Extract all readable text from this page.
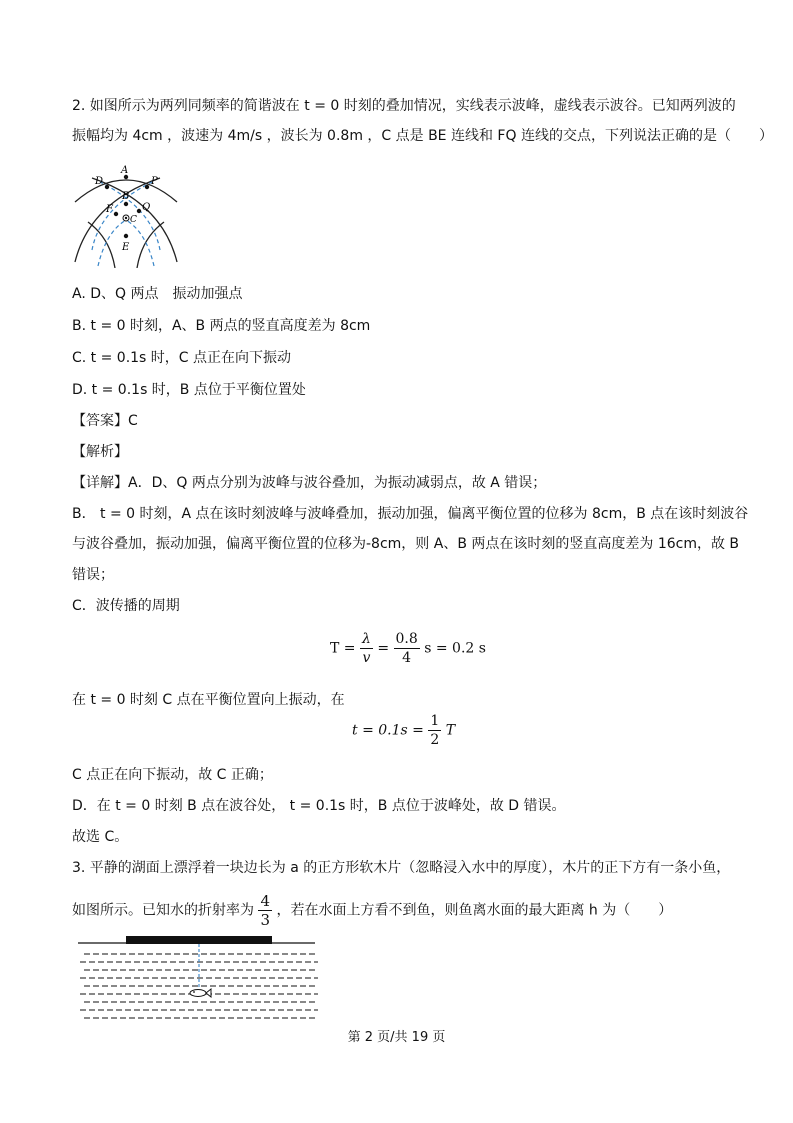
2. 如图所示为两列同频率的简谐波在 t = 0 时刻的叠加情况，实线表示波峰，虚线表示波谷。已知两列波的
振幅均为 4cm ，波速为 4m/s ，波长为 0.8m ，C 点是 BE 连线和 FQ 连线的交点，下列说法正确的是（　　）
A
D	P
B
F	Q
C
E
A. D、Q 两点　振动加强点
B. t = 0 时刻，A、B 两点的竖直高度差为 8cm
C. t = 0.1s 时，C 点正在向下振动
D. t = 0.1s 时，B 点位于平衡位置处
【答案】C
【解析】
【详解】A．D、Q 两点分别为波峰与波谷叠加，为振动减弱点，故 A 错误；
B． t = 0 时刻，A 点在该时刻波峰与波峰叠加，振动加强，偏离平衡位置的位移为 8cm，B 点在该时刻波谷
与波谷叠加，振动加强，偏离平衡位置的位移为-8cm，则 A、B 两点在该时刻的竖直高度差为 16cm，故 B
错误；
C．波传播的周期
$T = \frac{\lambda}{v} = \frac{0.8}{4}$ s = 0.2 s
在 t = 0 时刻 C 点在平衡位置向上振动，在
$t = 0.1s = \frac{1}{2}$ T
C 点正在向下振动，故 C 正确；
D．在 t = 0 时刻 B 点在波谷处， t = 0.1s 时，B 点位于波峰处，故 D 错误。
故选 C。
3. 平静的湖面上漂浮着一块边长为 a 的正方形软木片（忽略浸入水中的厚度），木片的正下方有一条小鱼，
如图所示。已知水的折射率为 $\frac{4}{3}$ ，若在水面上方看不到鱼，则鱼离水面的最大距离 h 为（　　）
第 2 页/共 19 页
